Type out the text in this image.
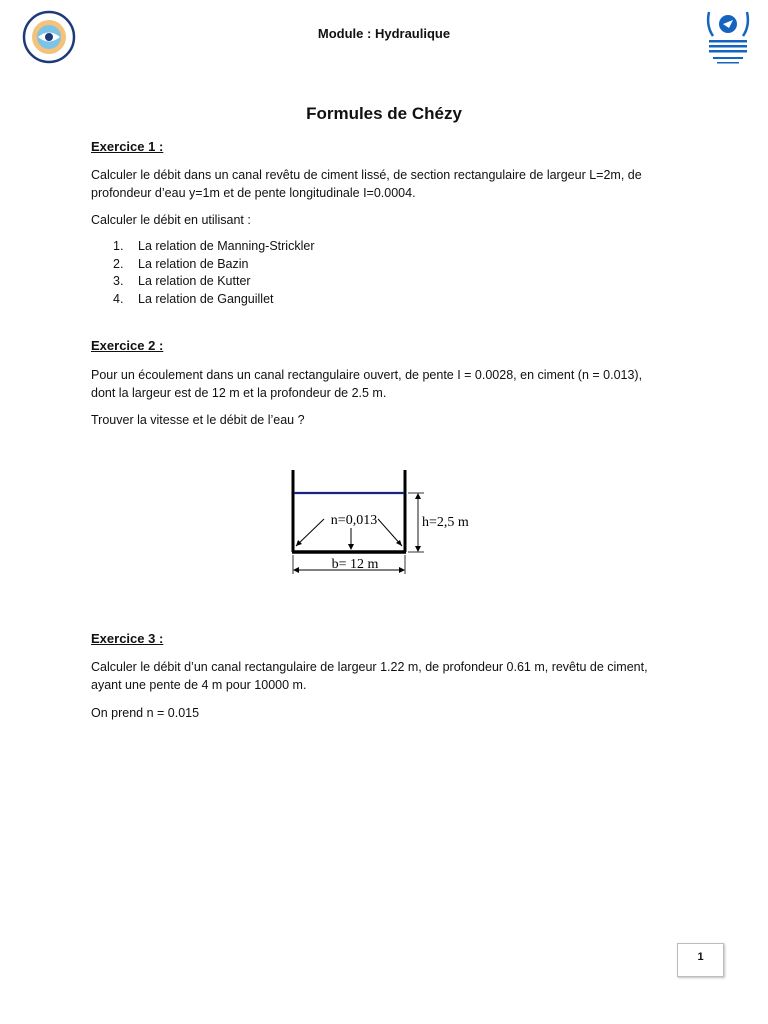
Module : Hydraulique
Formules de Chézy
Exercice 1 :
Calculer le débit dans un canal revêtu de ciment lissé, de section rectangulaire de largeur L=2m, de
profondeur d’eau y=1m et de pente longitudinale I=0.0004.
Calculer le débit en utilisant :
1.	La relation de Manning-Strickler
2.	La relation de Bazin
3.	La relation de Kutter
4.	La relation de Ganguillet
Exercice 2 :
Pour un écoulement dans un canal rectangulaire ouvert, de pente I = 0.0028, en ciment (n = 0.013),
dont la largeur est de 12 m et la profondeur de 2.5 m.
Trouver la vitesse et le débit de l’eau ?
n=0,013	h=2,5 m
b= 12 m
Exercice 3 :
Calculer le débit d’un canal rectangulaire de largeur 1.22 m, de profondeur 0.61 m, revêtu de ciment,
ayant une pente de 4 m pour 10000 m.
On prend n = 0.015
1
